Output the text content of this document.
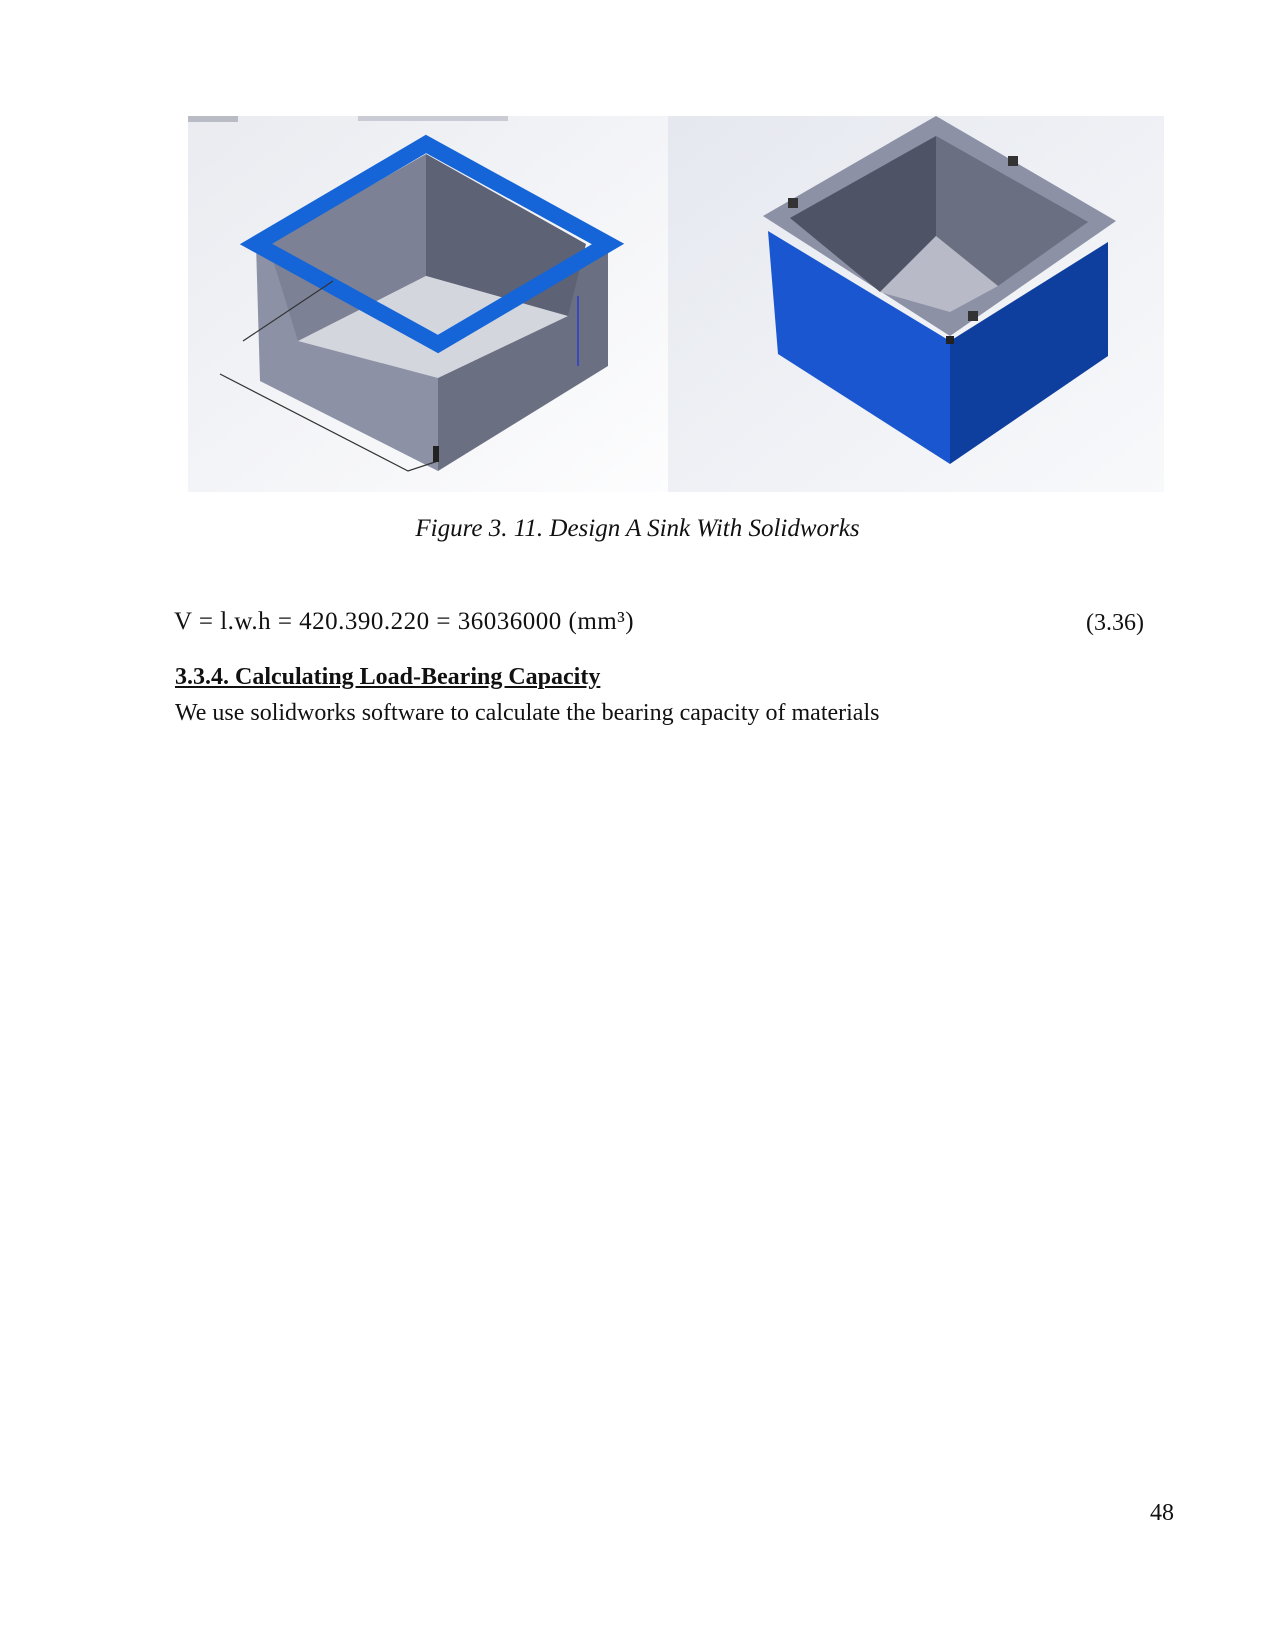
Figure 3. 11. Design A Sink With Solidworks
V = l.w.h = 420.390.220 = 36036000 (mm³)	(3.36)
3.3.4. Calculating Load-Bearing Capacity
We use solidworks software to calculate the bearing capacity of materials
48
